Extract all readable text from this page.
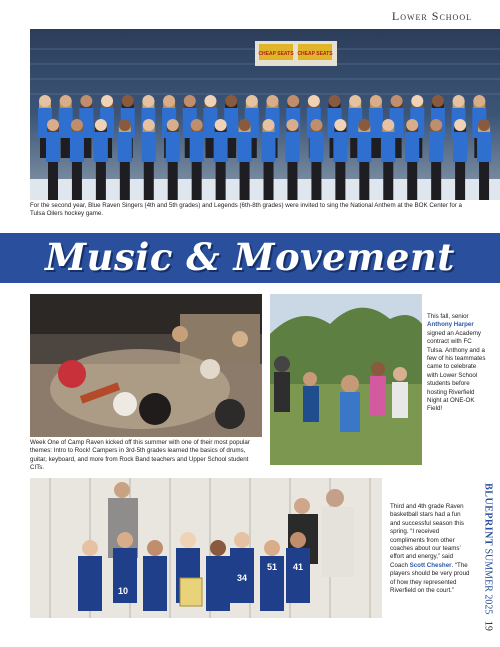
Lower School
CHEAP SEATS CHEAP SEATS
For the second year, Blue Raven Singers (4th and 5th grades) and Legends (6th-8th grades) were invited to sing the National Anthem at the BOK Center for a Tulsa Oilers hockey game.
Music & Movement
Week One of Camp Raven kicked off this summer with one of their most popular themes: Intro to Rock! Campers in 3rd-5th grades learned the basics of drums, guitar, keyboard, and more from Rock Band teachers and Upper School student CITs.
This fall, senior Anthony Harper signed an Academy contract with FC Tulsa. Anthony and a few of his teammates came to celebrate with Lower School students before hosting Riverfield Night at ONE-OK Field!
10
34
51 41
Third and 4th grade Raven basketball stars had a fun and successful season this spring. “I received compliments from other coaches about our teams’ effort and energy,” said Coach Scott Chesher. “The players should be very proud of how they represented Riverfield on the court.”
BLUEPRINT SUMMER 2025 19
